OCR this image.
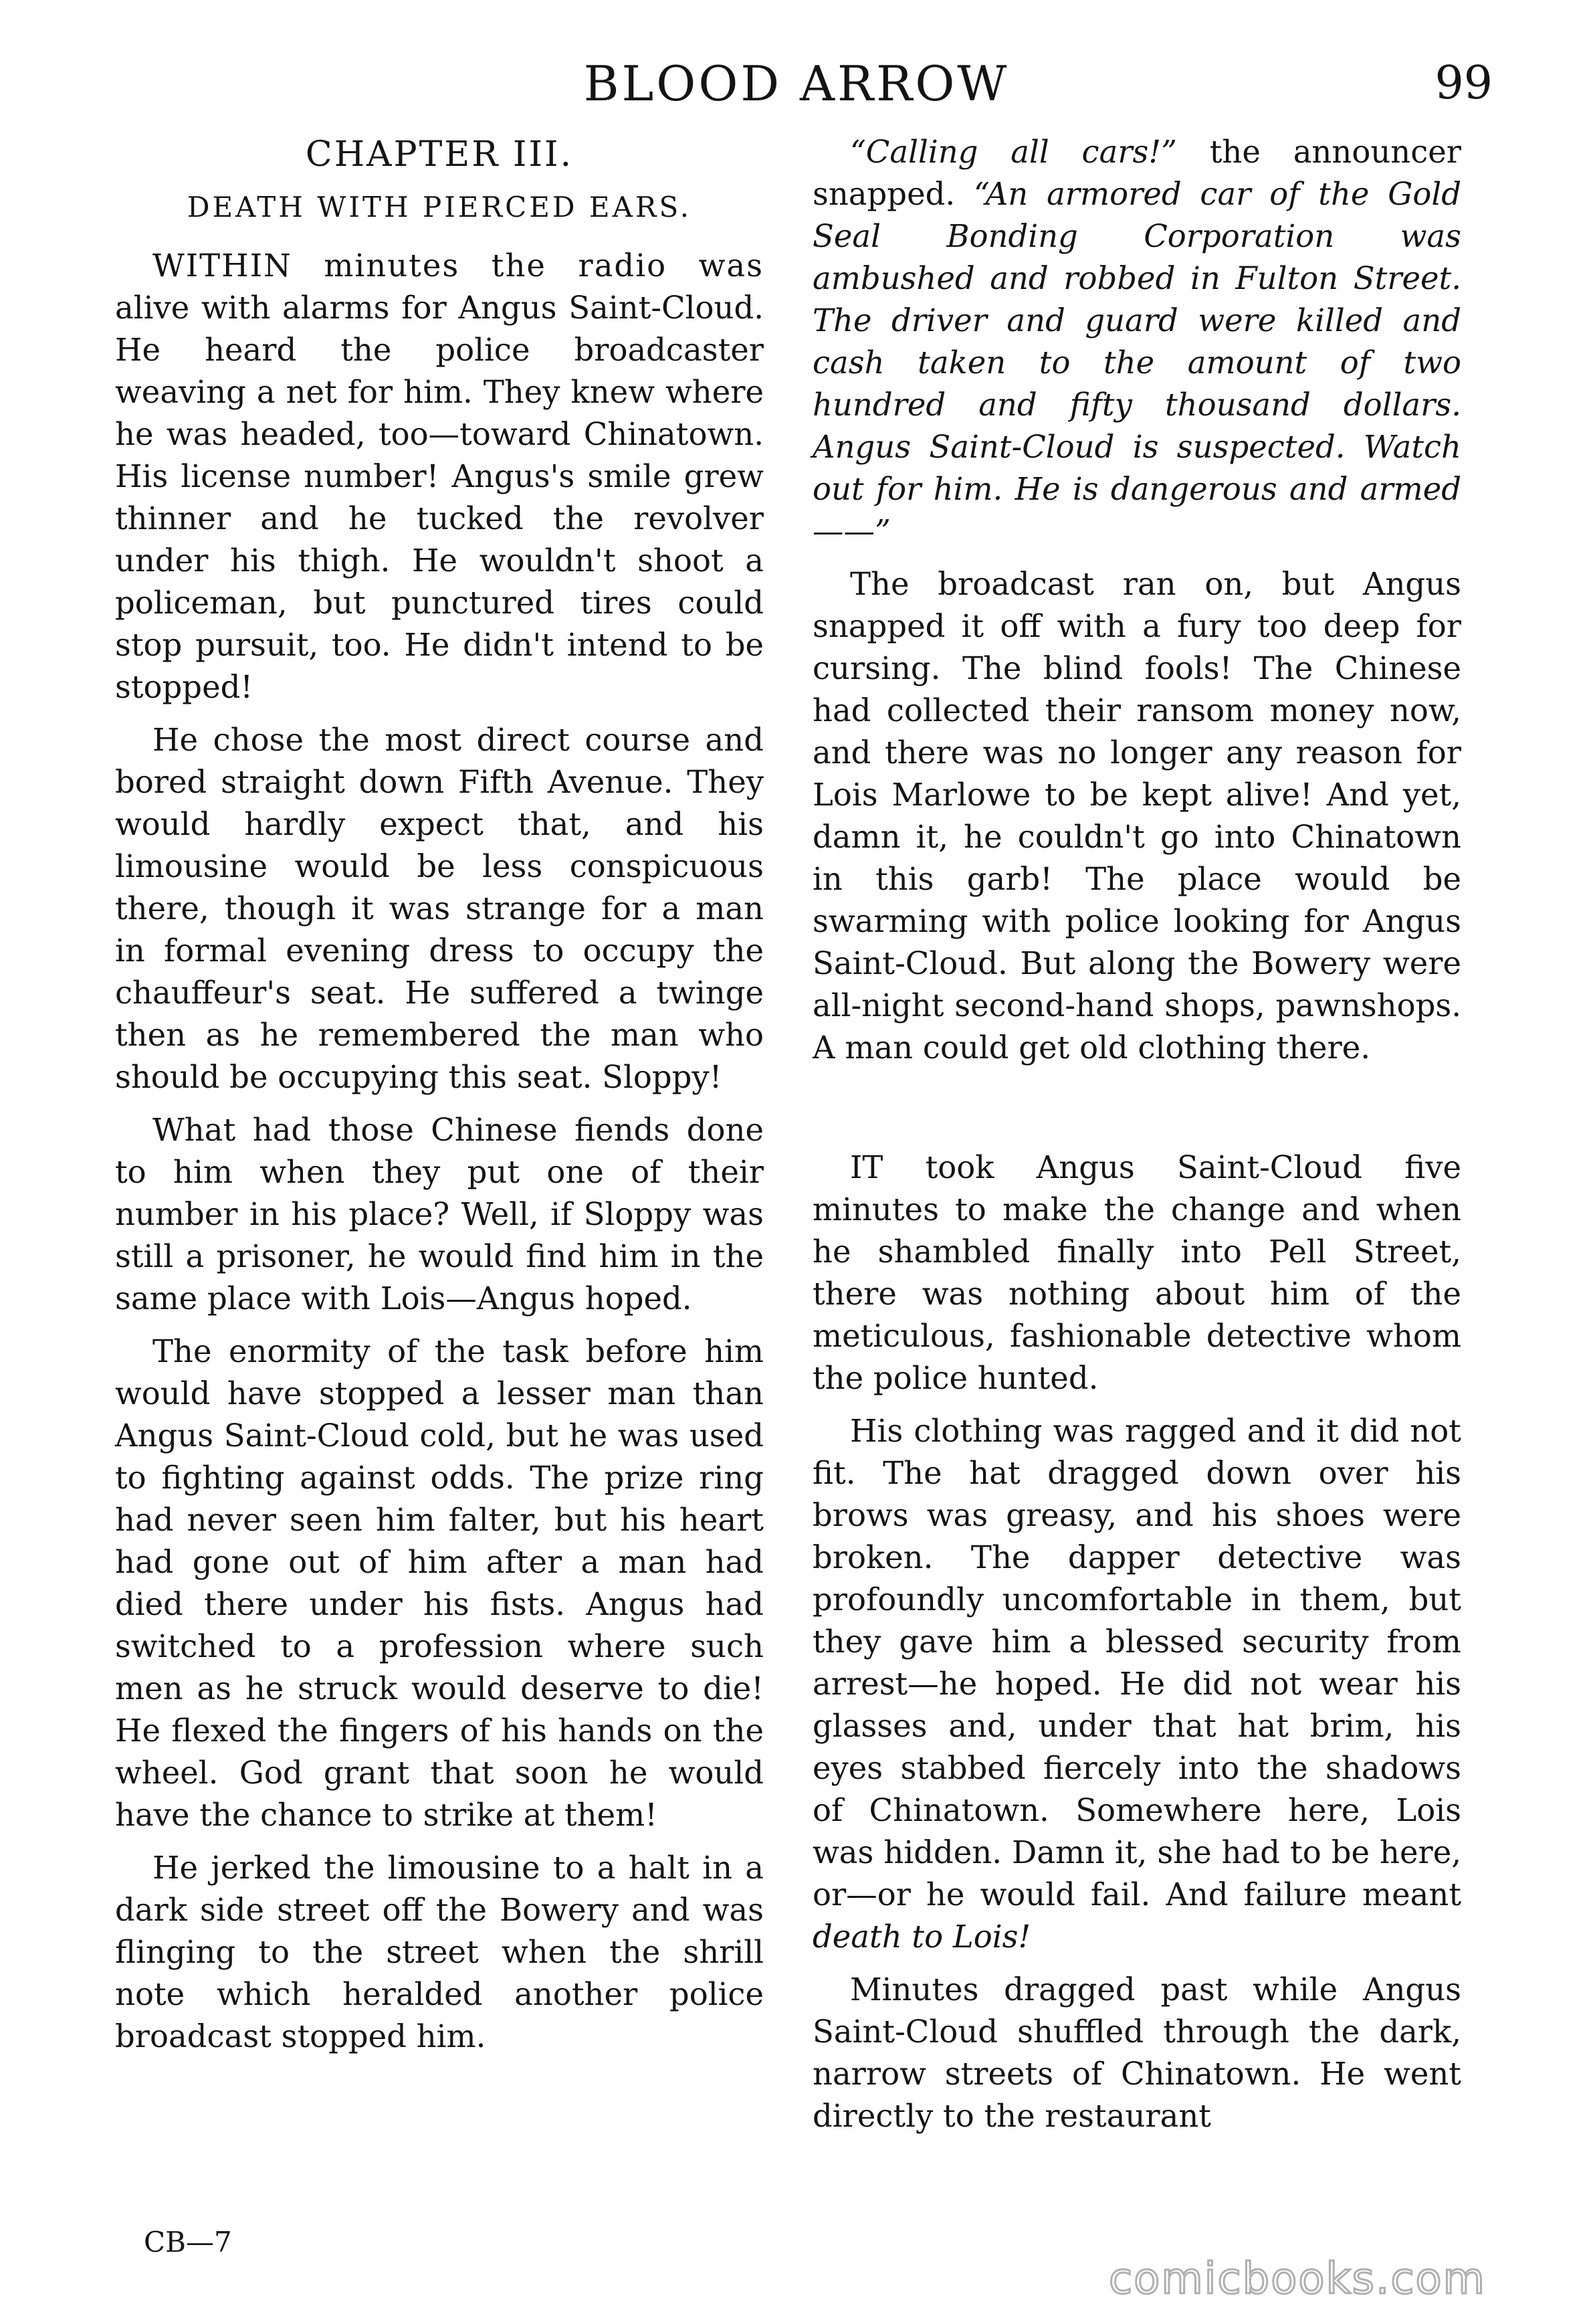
BLOOD ARROW	99
CHAPTER III.
DEATH WITH PIERCED EARS.

WITHIN minutes the radio was alive with alarms for Angus Saint-Cloud. He heard the police broadcaster weaving a net for him. They knew where he was headed, too—toward Chinatown. His license number! Angus's smile grew thinner and he tucked the revolver under his thigh. He wouldn't shoot a policeman, but punctured tires could stop pursuit, too. He didn't intend to be stopped!

He chose the most direct course and bored straight down Fifth Avenue. They would hardly expect that, and his limousine would be less conspicuous there, though it was strange for a man in formal evening dress to occupy the chauffeur's seat. He suffered a twinge then as he remembered the man who should be occupying this seat. Sloppy!

What had those Chinese fiends done to him when they put one of their number in his place? Well, if Sloppy was still a prisoner, he would find him in the same place with Lois—Angus hoped.

The enormity of the task before him would have stopped a lesser man than Angus Saint-Cloud cold, but he was used to fighting against odds. The prize ring had never seen him falter, but his heart had gone out of him after a man had died there under his fists. Angus had switched to a profession where such men as he struck would deserve to die! He flexed the fingers of his hands on the wheel. God grant that soon he would have the chance to strike at them!

He jerked the limousine to a halt in a dark side street off the Bowery and was flinging to the street when the shrill note which heralded another police broadcast stopped him.

“Calling all cars!” the announcer snapped. “An armored car of the Gold Seal Bonding Corporation was ambushed and robbed in Fulton Street. The driver and guard were killed and cash taken to the amount of two hundred and fifty thousand dollars. Angus Saint-Cloud is suspected. Watch out for him. He is dangerous and armed——”

The broadcast ran on, but Angus snapped it off with a fury too deep for cursing. The blind fools! The Chinese had collected their ransom money now, and there was no longer any reason for Lois Marlowe to be kept alive! And yet, damn it, he couldn't go into Chinatown in this garb! The place would be swarming with police looking for Angus Saint-Cloud. But along the Bowery were all-night second-hand shops, pawnshops. A man could get old clothing there.

IT took Angus Saint-Cloud five minutes to make the change and when he shambled finally into Pell Street, there was nothing about him of the meticulous, fashionable detective whom the police hunted.

His clothing was ragged and it did not fit. The hat dragged down over his brows was greasy, and his shoes were broken. The dapper detective was profoundly uncomfortable in them, but they gave him a blessed security from arrest—he hoped. He did not wear his glasses and, under that hat brim, his eyes stabbed fiercely into the shadows of Chinatown. Somewhere here, Lois was hidden. Damn it, she had to be here, or—or he would fail. And failure meant death to Lois!

Minutes dragged past while Angus Saint-Cloud shuffled through the dark, narrow streets of Chinatown. He went directly to the restaurant

CB—7
comicbooks.com
